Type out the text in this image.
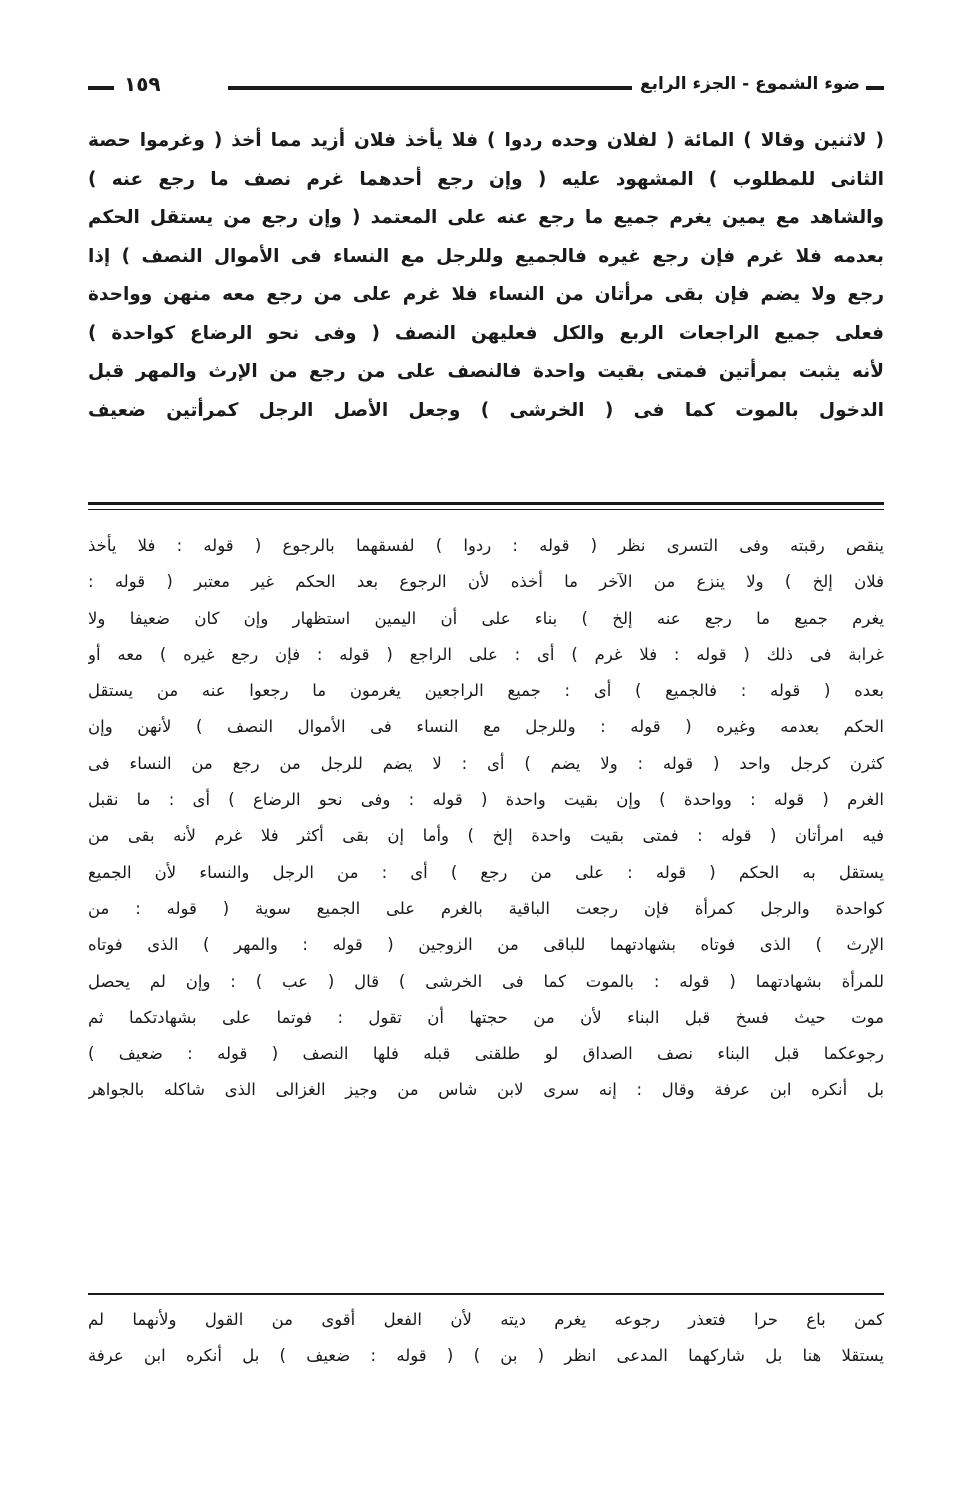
ضوء الشموع - الجزء الرابع
١٥٩
( لاثنين وقالا ) المائة ( لفلان وحده ردوا ) فلا يأخذ فلان أزيد مما أخذ ( وغرموا حصة
الثانى للمطلوب ) المشهود عليه ( وإن رجع أحدهما غرم نصف ما رجع عنه )
والشاهد مع يمين يغرم جميع ما رجع عنه على المعتمد ( وإن رجع من يستقل الحكم
بعدمه فلا غرم فإن رجع غيره فالجميع وللرجل مع النساء فى الأموال النصف ) إذا
رجع ولا يضم فإن بقى مرأتان من النساء فلا غرم على من رجع معه منهن وواحدة
فعلى جميع الراجعات الربع والكل فعليهن النصف ( وفى نحو الرضاع كواحدة )
لأنه يثبت بمرأتين فمتى بقيت واحدة فالنصف على من رجع من الإرث والمهر قبل
الدخول بالموت كما فى ( الخرشى ) وجعل الأصل الرجل كمرأتين ضعيف
ينقص رقبته وفى التسرى نظر ( قوله : ردوا ) لفسقهما بالرجوع ( قوله : فلا يأخذ
فلان إلخ ) ولا ينزع من الآخر ما أخذه لأن الرجوع بعد الحكم غير معتبر ( قوله :
يغرم جميع ما رجع عنه إلخ ) بناء على أن اليمين استظهار وإن كان ضعيفا ولا
غرابة فى ذلك ( قوله : فلا غرم ) أى : على الراجع ( قوله : فإن رجع غيره ) معه أو
بعده ( قوله : فالجميع ) أى : جميع الراجعين يغرمون ما رجعوا عنه من يستقل
الحكم بعدمه وغيره ( قوله : وللرجل مع النساء فى الأموال النصف ) لأنهن وإن
كثرن كرجل واحد ( قوله : ولا يضم ) أى : لا يضم للرجل من رجع من النساء فى
الغرم ( قوله : وواحدة ) وإن بقيت واحدة ( قوله : وفى نحو الرضاع ) أى : ما نقبل
فيه امرأتان ( قوله : فمتى بقيت واحدة إلخ ) وأما إن بقى أكثر فلا غرم لأنه بقى من
يستقل به الحكم ( قوله : على من رجع ) أى : من الرجل والنساء لأن الجميع
كواحدة والرجل كمرأة فإن رجعت الباقية بالغرم على الجميع سوية ( قوله : من
الإرث ) الذى فوتاه بشهادتهما للباقى من الزوجين ( قوله : والمهر ) الذى فوتاه
للمرأة بشهادتهما ( قوله : بالموت كما فى الخرشى ) قال ( عب ) : وإن لم يحصل
موت حيث فسخ قبل البناء لأن من حجتها أن تقول : فوتما على بشهادتكما ثم
رجوعكما قبل البناء نصف الصداق لو طلقنى قبله فلها النصف ( قوله : ضعيف )
بل أنكره ابن عرفة وقال : إنه سرى لابن شاس من وجيز الغزالى الذى شاكله بالجواهر
كمن باع حرا فتعذر رجوعه يغرم ديته لأن الفعل أقوى من القول ولأنهما لم
يستقلا هنا بل شاركهما المدعى انظر ( بن ) ( قوله : ضعيف ) بل أنكره ابن عرفة
